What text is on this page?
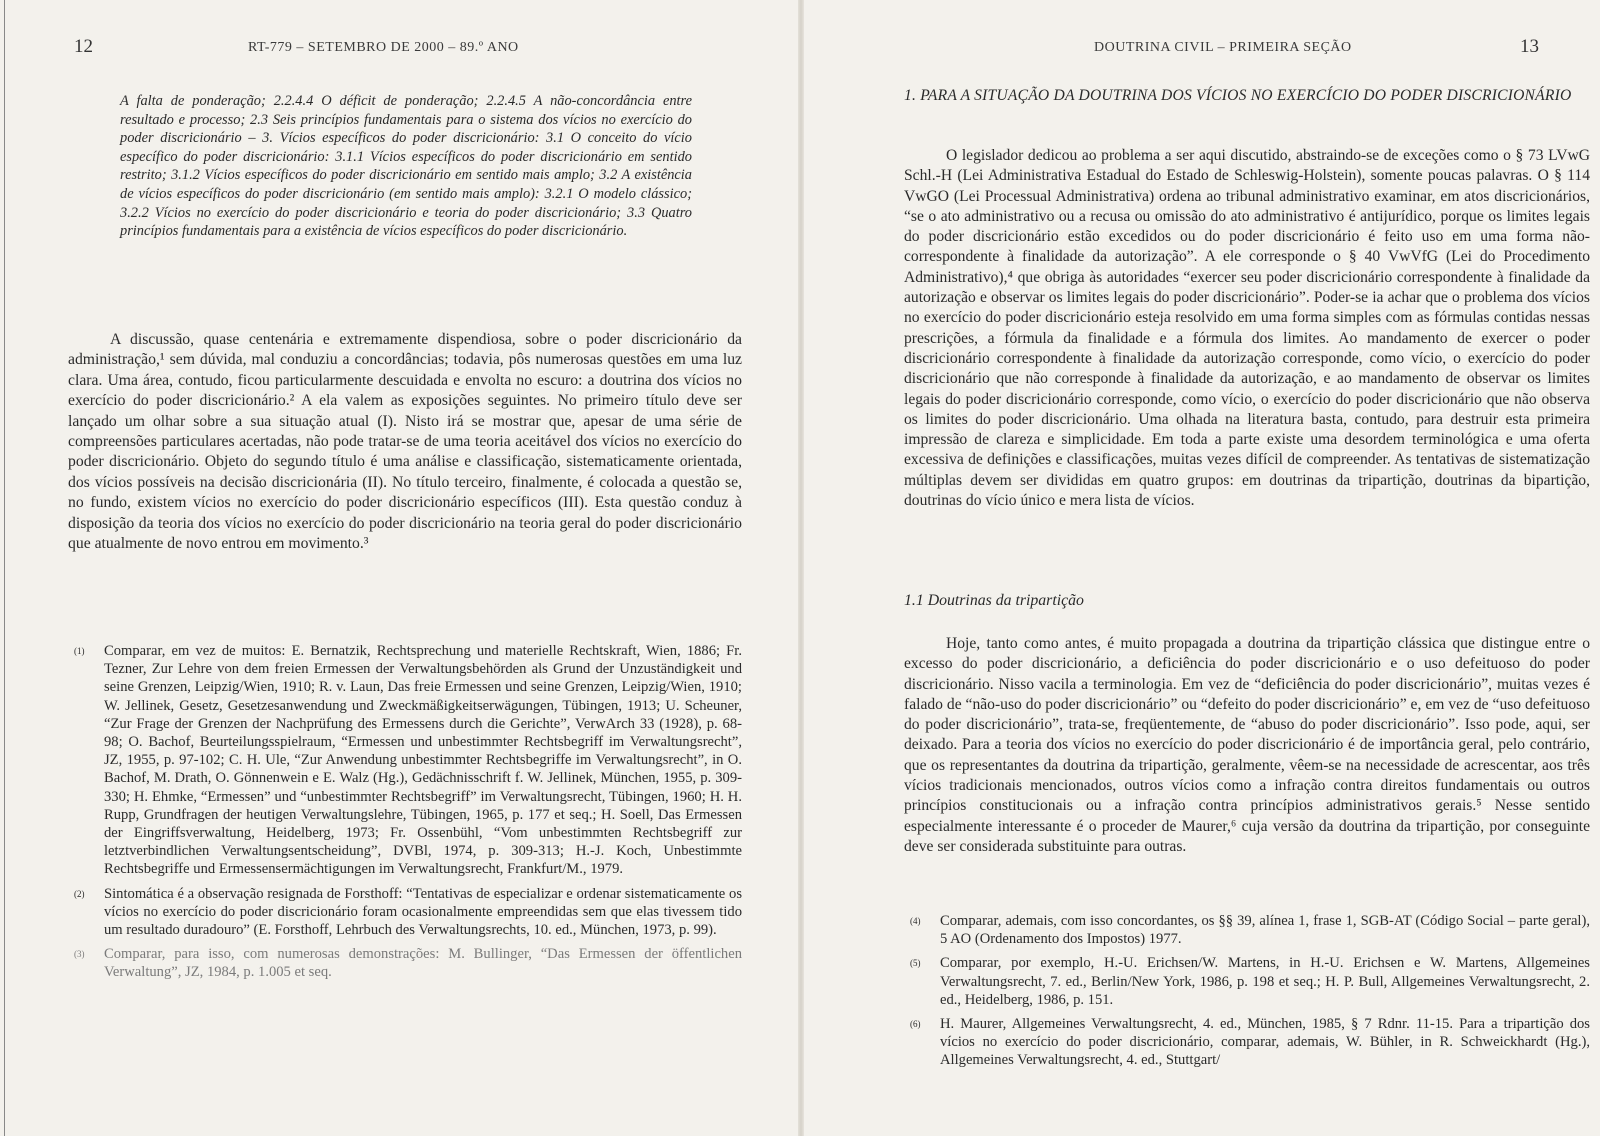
12	RT-779 – SETEMBRO DE 2000 – 89.º ANO
A falta de ponderação; 2.2.4.4 O déficit de ponderação; 2.2.4.5 A não-concordância entre resultado e processo; 2.3 Seis princípios fundamentais para o sistema dos vícios no exercício do poder discricionário – 3. Vícios específicos do poder discricionário: 3.1 O conceito do vício específico do poder discricionário: 3.1.1 Vícios específicos do poder discricionário em sentido restrito; 3.1.2 Vícios específicos do poder discricionário em sentido mais amplo; 3.2 A existência de vícios específicos do poder discricionário (em sentido mais amplo): 3.2.1 O modelo clássico; 3.2.2 Vícios no exercício do poder discricionário e teoria do poder discricionário; 3.3 Quatro princípios fundamentais para a existência de vícios específicos do poder discricionário.

A discussão, quase centenária e extremamente dispendiosa, sobre o poder discricionário da administração,¹ sem dúvida, mal conduziu a concordâncias; todavia, pôs numerosas questões em uma luz clara. Uma área, contudo, ficou particularmente descuidada e envolta no escuro: a doutrina dos vícios no exercício do poder discricionário.² A ela valem as exposições seguintes. No primeiro título deve ser lançado um olhar sobre a sua situação atual (I). Nisto irá se mostrar que, apesar de uma série de compreensões particulares acertadas, não pode tratar-se de uma teoria aceitável dos vícios no exercício do poder discricionário. Objeto do segundo título é uma análise e classificação, sistematicamente orientada, dos vícios possíveis na decisão discricionária (II). No título terceiro, finalmente, é colocada a questão se, no fundo, existem vícios no exercício do poder discricionário específicos (III). Esta questão conduz à disposição da teoria dos vícios no exercício do poder discricionário na teoria geral do poder discricionário que atualmente de novo entrou em movimento.³

(1) Comparar, em vez de muitos: E. Bernatzik, Rechtsprechung und materielle Rechtskraft, Wien, 1886; Fr. Tezner, Zur Lehre von dem freien Ermessen der Verwaltungsbehörden als Grund der Unzuständigkeit und seine Grenzen, Leipzig/Wien, 1910; R. v. Laun, Das freie Ermessen und seine Grenzen, Leipzig/Wien, 1910; W. Jellinek, Gesetz, Gesetzesanwendung und Zweckmäßigkeitserwägungen, Tübingen, 1913; U. Scheuner, “Zur Frage der Grenzen der Nachprüfung des Ermessens durch die Gerichte”, VerwArch 33 (1928), p. 68-98; O. Bachof, Beurteilungsspielraum, “Ermessen und unbestimmter Rechtsbegriff im Verwaltungsrecht”, JZ, 1955, p. 97-102; C. H. Ule, “Zur Anwendung unbestimmter Rechtsbegriffe im Verwaltungsrecht”, in O. Bachof, M. Drath, O. Gönnenwein e E. Walz (Hg.), Gedächnisschrift f. W. Jellinek, München, 1955, p. 309-330; H. Ehmke, “Ermessen” und “unbestimmter Rechtsbegriff” im Verwaltungsrecht, Tübingen, 1960; H. H. Rupp, Grundfragen der heutigen Verwaltungslehre, Tübingen, 1965, p. 177 et seq.; H. Soell, Das Ermessen der Eingriffsverwaltung, Heidelberg, 1973; Fr. Ossenbühl, “Vom unbestimmten Rechtsbegriff zur letztverbindlichen Verwaltungsentscheidung”, DVBl, 1974, p. 309-313; H.-J. Koch, Unbestimmte Rechtsbegriffe und Ermessensermächtigungen im Verwaltungsrecht, Frankfurt/M., 1979.
(2) Sintomática é a observação resignada de Forsthoff: “Tentativas de especializar e ordenar sistematicamente os vícios no exercício do poder discricionário foram ocasionalmente empreendidas sem que elas tivessem tido um resultado duradouro” (E. Forsthoff, Lehrbuch des Verwaltungsrechts, 10. ed., München, 1973, p. 99).
(3) Comparar, para isso, com numerosas demonstrações: M. Bullinger, “Das Ermessen der öffentlichen Verwaltung”, JZ, 1984, p. 1.005 et seq.
DOUTRINA CIVIL – PRIMEIRA SEÇÃO	13
1. PARA A SITUAÇÃO DA DOUTRINA DOS VÍCIOS NO EXERCÍCIO DO PODER DISCRICIONÁRIO

O legislador dedicou ao problema a ser aqui discutido, abstraindo-se de exceções como o § 73 LVwG Schl.-H (Lei Administrativa Estadual do Estado de Schleswig-Holstein), somente poucas palavras. O § 114 VwGO (Lei Processual Administrativa) ordena ao tribunal administrativo examinar, em atos discricionários, “se o ato administrativo ou a recusa ou omissão do ato administrativo é antijurídico, porque os limites legais do poder discricionário estão excedidos ou do poder discricionário é feito uso em uma forma não-correspondente à finalidade da autorização”. A ele corresponde o § 40 VwVfG (Lei do Procedimento Administrativo),⁴ que obriga às autoridades “exercer seu poder discricionário correspondente à finalidade da autorização e observar os limites legais do poder discricionário”. Poder-se ia achar que o problema dos vícios no exercício do poder discricionário esteja resolvido em uma forma simples com as fórmulas contidas nessas prescrições, a fórmula da finalidade e a fórmula dos limites. Ao mandamento de exercer o poder discricionário correspondente à finalidade da autorização corresponde, como vício, o exercício do poder discricionário que não corresponde à finalidade da autorização, e ao mandamento de observar os limites legais do poder discricionário corresponde, como vício, o exercício do poder discricionário que não observa os limites do poder discricionário. Uma olhada na literatura basta, contudo, para destruir esta primeira impressão de clareza e simplicidade. Em toda a parte existe uma desordem terminológica e uma oferta excessiva de definições e classificações, muitas vezes difícil de compreender. As tentativas de sistematização múltiplas devem ser divididas em quatro grupos: em doutrinas da tripartição, doutrinas da bipartição, doutrinas do vício único e mera lista de vícios.

1.1 Doutrinas da tripartição

Hoje, tanto como antes, é muito propagada a doutrina da tripartição clássica que distingue entre o excesso do poder discricionário, a deficiência do poder discricionário e o uso defeituoso do poder discricionário. Nisso vacila a terminologia. Em vez de “deficiência do poder discricionário”, muitas vezes é falado de “não-uso do poder discricionário” ou “defeito do poder discricionário” e, em vez de “uso defeituoso do poder discricionário”, trata-se, freqüentemente, de “abuso do poder discricionário”. Isso pode, aqui, ser deixado. Para a teoria dos vícios no exercício do poder discricionário é de importância geral, pelo contrário, que os representantes da doutrina da tripartição, geralmente, vêem-se na necessidade de acrescentar, aos três vícios tradicionais mencionados, outros vícios como a infração contra direitos fundamentais ou outros princípios constitucionais ou a infração contra princípios administrativos gerais.⁵ Nesse sentido especialmente interessante é o proceder de Maurer,⁶ cuja versão da doutrina da tripartição, por conseguinte deve ser considerada substituinte para outras.

(4) Comparar, ademais, com isso concordantes, os §§ 39, alínea 1, frase 1, SGB-AT (Código Social – parte geral), 5 AO (Ordenamento dos Impostos) 1977.
(5) Comparar, por exemplo, H.-U. Erichsen/W. Martens, in H.-U. Erichsen e W. Martens, Allgemeines Verwaltungsrecht, 7. ed., Berlin/New York, 1986, p. 198 et seq.; H. P. Bull, Allgemeines Verwaltungsrecht, 2. ed., Heidelberg, 1986, p. 151.
(6) H. Maurer, Allgemeines Verwaltungsrecht, 4. ed., München, 1985, § 7 Rdnr. 11-15. Para a tripartição dos vícios no exercício do poder discricionário, comparar, ademais, W. Bühler, in R. Schweickhardt (Hg.), Allgemeines Verwaltungsrecht, 4. ed., Stuttgart/
